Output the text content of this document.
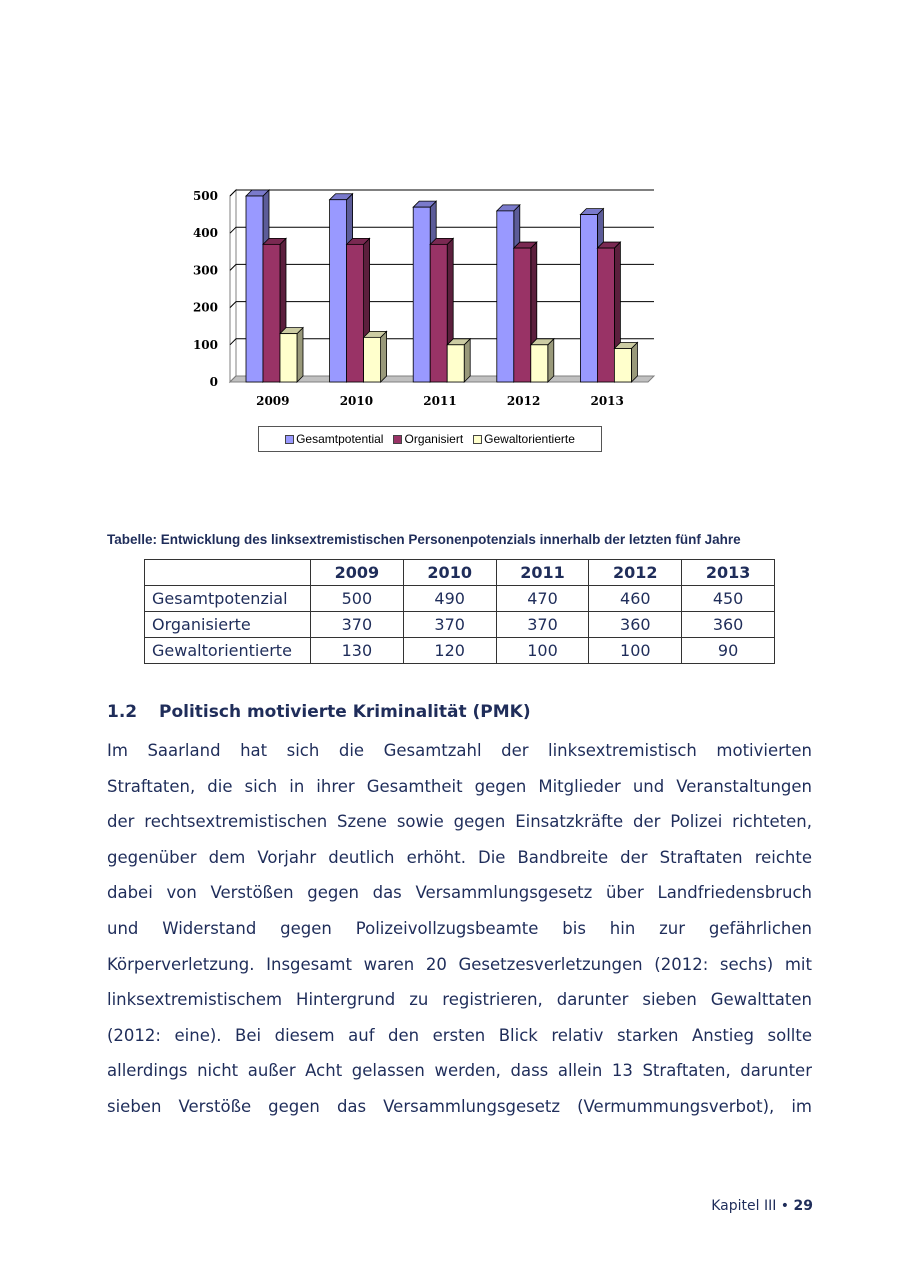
0
100
200
300
400
500
2009	2010	2011	2012	2013
Gesamtpotential Organisiert Gewaltorientierte

Tabelle: Entwicklung des linksextremistischen Personenpotenzials innerhalb der letzten fünf Jahre

	2009	2010	2011	2012	2013
Gesamtpotenzial	500	490	470	460	450
Organisierte	370	370	370	360	360
Gewaltorientierte	130	120	100	100	90
1.2 Politisch motivierte Kriminalität (PMK)
Im Saarland hat sich die Gesamtzahl der linksextremistisch motivierten
Straftaten, die sich in ihrer Gesamtheit gegen Mitglieder und Veranstaltungen
der rechtsextremistischen Szene sowie gegen Einsatzkräfte der Polizei richteten,
gegenüber dem Vorjahr deutlich erhöht. Die Bandbreite der Straftaten reichte
dabei von Verstößen gegen das Versammlungsgesetz über Landfriedensbruch
und Widerstand gegen Polizeivollzugsbeamte bis hin zur gefährlichen
Körperverletzung. Insgesamt waren 20 Gesetzesverletzungen (2012: sechs) mit
linksextremistischem Hintergrund zu registrieren, darunter sieben Gewalttaten
(2012: eine). Bei diesem auf den ersten Blick relativ starken Anstieg sollte
allerdings nicht außer Acht gelassen werden, dass allein 13 Straftaten, darunter
sieben Verstöße gegen das Versammlungsgesetz (Vermummungsverbot), im
Kapitel III • 29
